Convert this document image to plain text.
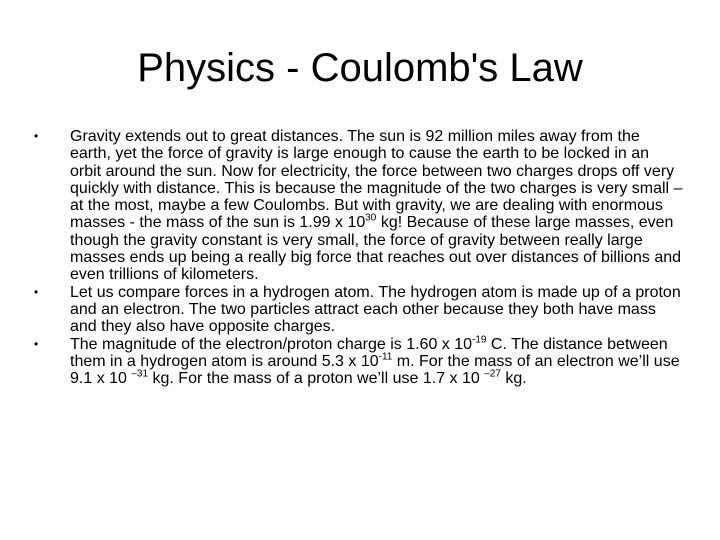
Physics - Coulomb's Law
• Gravity extends out to great distances. The sun is 92 million miles away from the earth, yet the force of gravity is large enough to cause the earth to be locked in an orbit around the sun. Now for electricity, the force between two charges drops off very quickly with distance. This is because the magnitude of the two charges is very small – at the most, maybe a few Coulombs. But with gravity, we are dealing with enormous masses - the mass of the sun is 1.99 x $10^{30}$ kg! Because of these large masses, even though the gravity constant is very small, the force of gravity between really large masses ends up being a really big force that reaches out over distances of billions and even trillions of kilometers.
• Let us compare forces in a hydrogen atom. The hydrogen atom is made up of a proton and an electron. The two particles attract each other because they both have mass and they also have opposite charges.
• The magnitude of the electron/proton charge is 1.60 x $10^{-19}$ C. The distance between them in a hydrogen atom is around 5.3 x $10^{-11}$ m. For the mass of an electron we’ll use 9.1 x 10 $^{-31}$ kg. For the mass of a proton we’ll use 1.7 x 10 $^{-27}$ kg.
